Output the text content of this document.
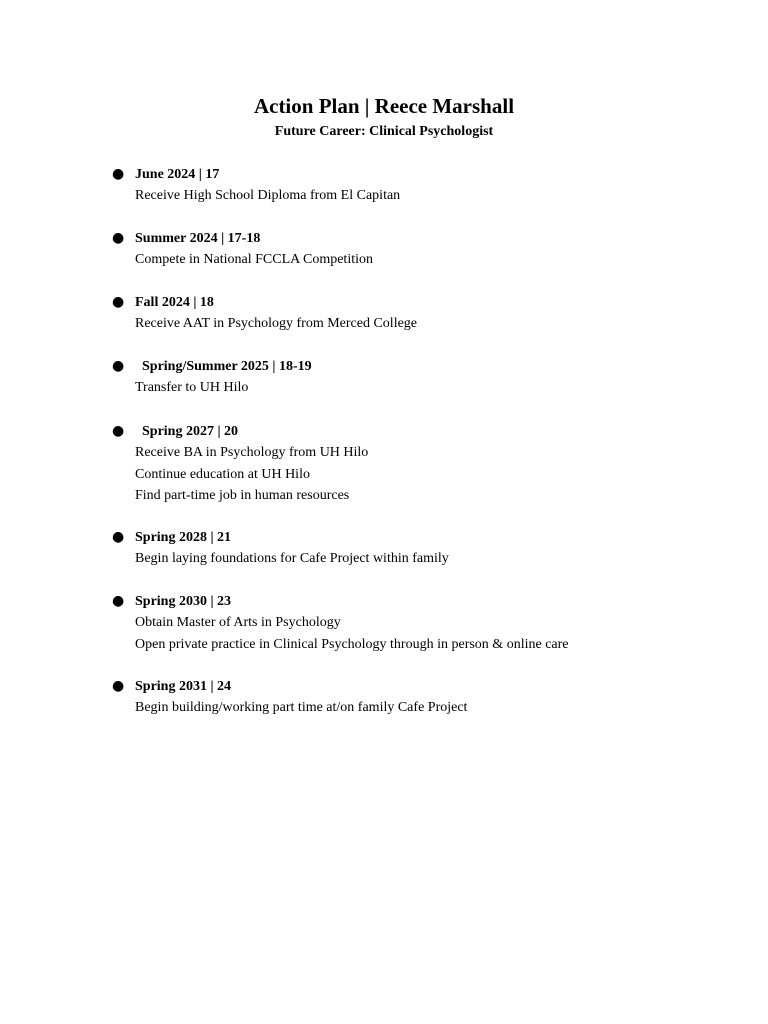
Action Plan | Reece Marshall
Future Career: Clinical Psychologist
● June 2024 | 17
Receive High School Diploma from El Capitan
● Summer 2024 | 17-18
Compete in National FCCLA Competition
● Fall 2024 | 18
Receive AAT in Psychology from Merced College
● Spring/Summer 2025 | 18-19
Transfer to UH Hilo
● Spring 2027 | 20
Receive BA in Psychology from UH Hilo
Continue education at UH Hilo
Find part-time job in human resources
● Spring 2028 | 21
Begin laying foundations for Cafe Project within family
● Spring 2030 | 23
Obtain Master of Arts in Psychology
Open private practice in Clinical Psychology through in person & online care
● Spring 2031 | 24
Begin building/working part time at/on family Cafe Project
